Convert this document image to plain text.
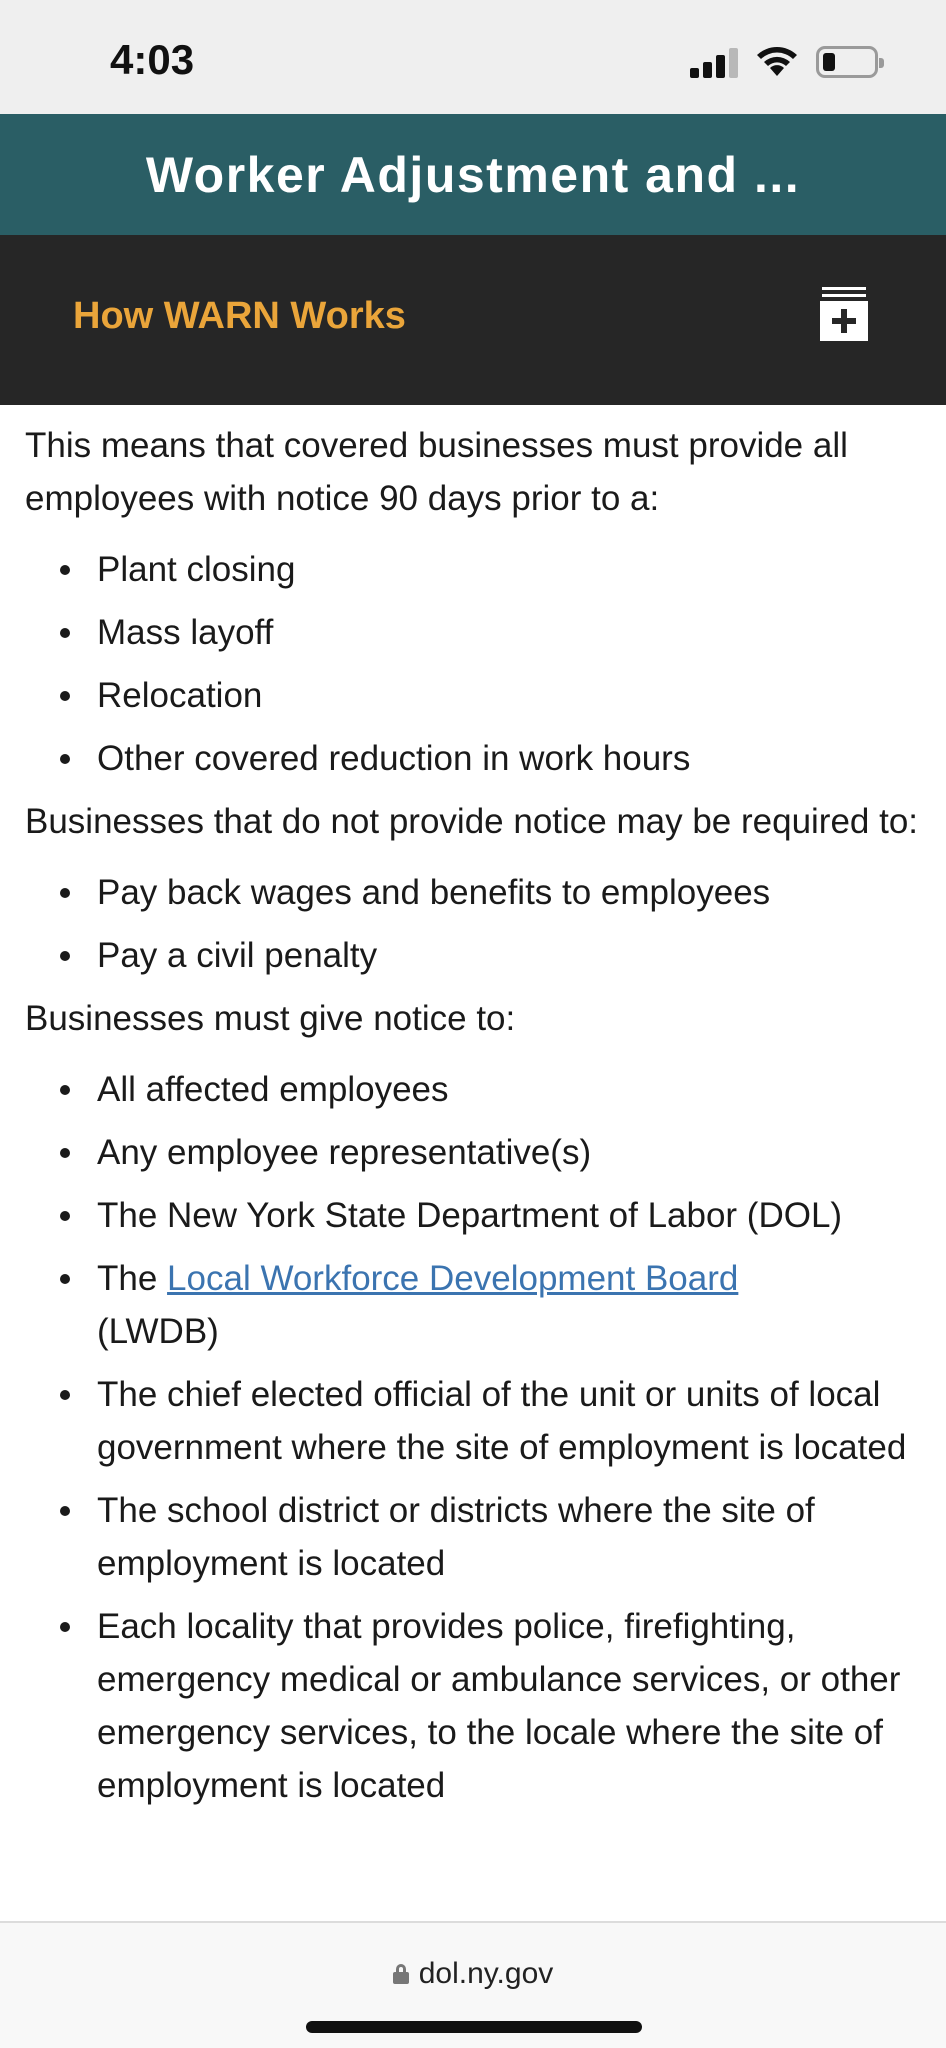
4:03
Worker Adjustment and ...
How WARN Works

This means that covered businesses must provide all employees with notice 90 days prior to a:

Plant closing
Mass layoff
Relocation
Other covered reduction in work hours

Businesses that do not provide notice may be required to:

Pay back wages and benefits to employees
Pay a civil penalty

Businesses must give notice to:

All affected employees
Any employee representative(s)
The New York State Department of Labor (DOL)
The Local Workforce Development Board
(LWDB)
The chief elected official of the unit or units of local government where the site of employment is located
The school district or districts where the site of employment is located
Each locality that provides police, firefighting, emergency medical or ambulance services, or other emergency services, to the locale where the site of employment is located
dol.ny.gov
